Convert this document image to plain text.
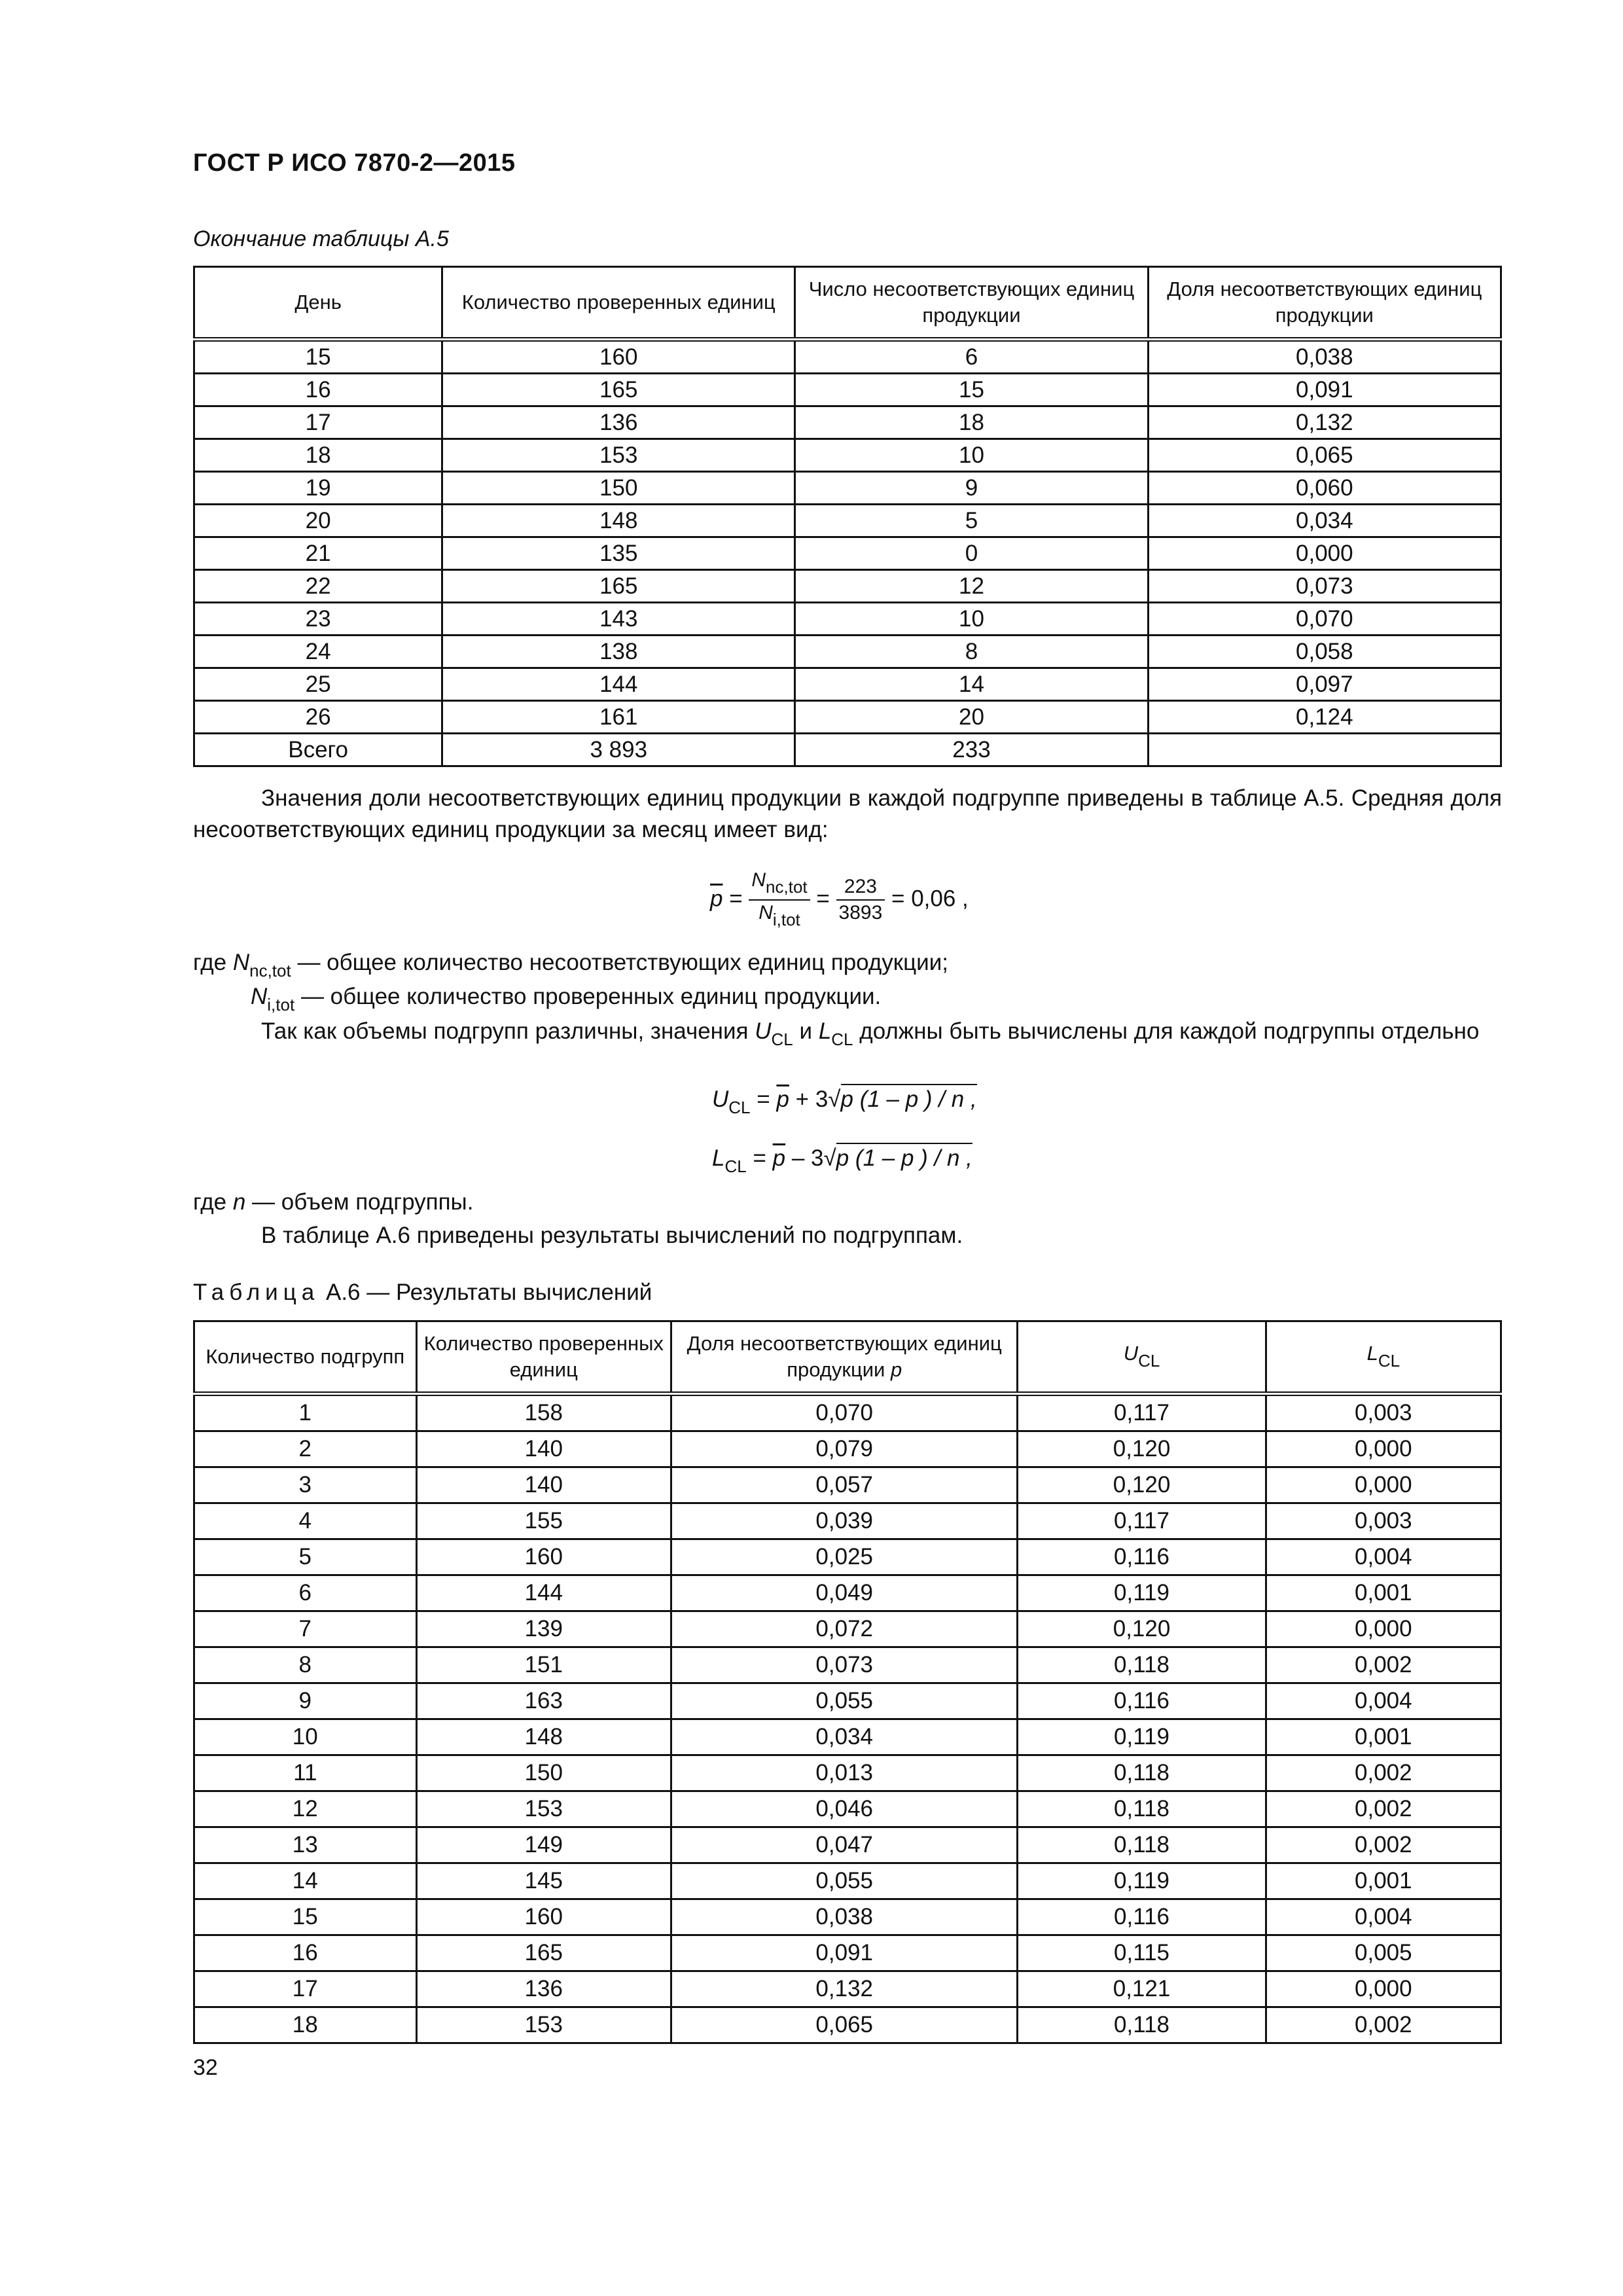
ГОСТ Р ИСО 7870-2—2015
Окончание таблицы А.5
День	Количество проверенных единиц	Число несоответствующих единиц продукции	Доля несоответствующих единиц продукции
15	160	6	0,038
16	165	15	0,091
17	136	18	0,132
18	153	10	0,065
19	150	9	0,060
20	148	5	0,034
21	135	0	0,000
22	165	12	0,073
23	143	10	0,070
24	138	8	0,058
25	144	14	0,097
26	161	20	0,124
Всего	3 893	233	
Значения доли несоответствующих единиц продукции в каждой подгруппе приведены в таблице А.5. Средняя доля несоответствующих единиц продукции за месяц имеет вид:
$\overline{p} = \frac{\text{Nnc,tot}}{\text{Ni,tot}} = \frac{223}{3893} = 0,06$ ,
где $N_{nc,tot}$ — общее количество несоответствующих единиц продукции;
$N_{i,tot}$ — общее количество проверенных единиц продукции.
Так как объемы подгрупп различны, значения $U_{CL}$ и $L_{CL}$ должны быть вычислены для каждой подгруппы отдельно
$U_{CL} = \overline{p} + 3√p$ (1 – p ) / n ,
$L_{CL} = \overline{p} - 3√p$ (1 – p ) / n ,
где n — объем подгруппы.
В таблице А.6 приведены результаты вычислений по подгруппам.
Таблица А.6 — Результаты вычислений
Количество подгрупп	Количество проверенных единиц	Доля несоответствующих единиц продукции p	$U_{CL}$	$L_{CL}$
1	158	0,070	0,117	0,003
2	140	0,079	0,120	0,000
3	140	0,057	0,120	0,000
4	155	0,039	0,117	0,003
5	160	0,025	0,116	0,004
6	144	0,049	0,119	0,001
7	139	0,072	0,120	0,000
8	151	0,073	0,118	0,002
9	163	0,055	0,116	0,004
10	148	0,034	0,119	0,001
11	150	0,013	0,118	0,002
12	153	0,046	0,118	0,002
13	149	0,047	0,118	0,002
14	145	0,055	0,119	0,001
15	160	0,038	0,116	0,004
16	165	0,091	0,115	0,005
17	136	0,132	0,121	0,000
18	153	0,065	0,118	0,002
32
